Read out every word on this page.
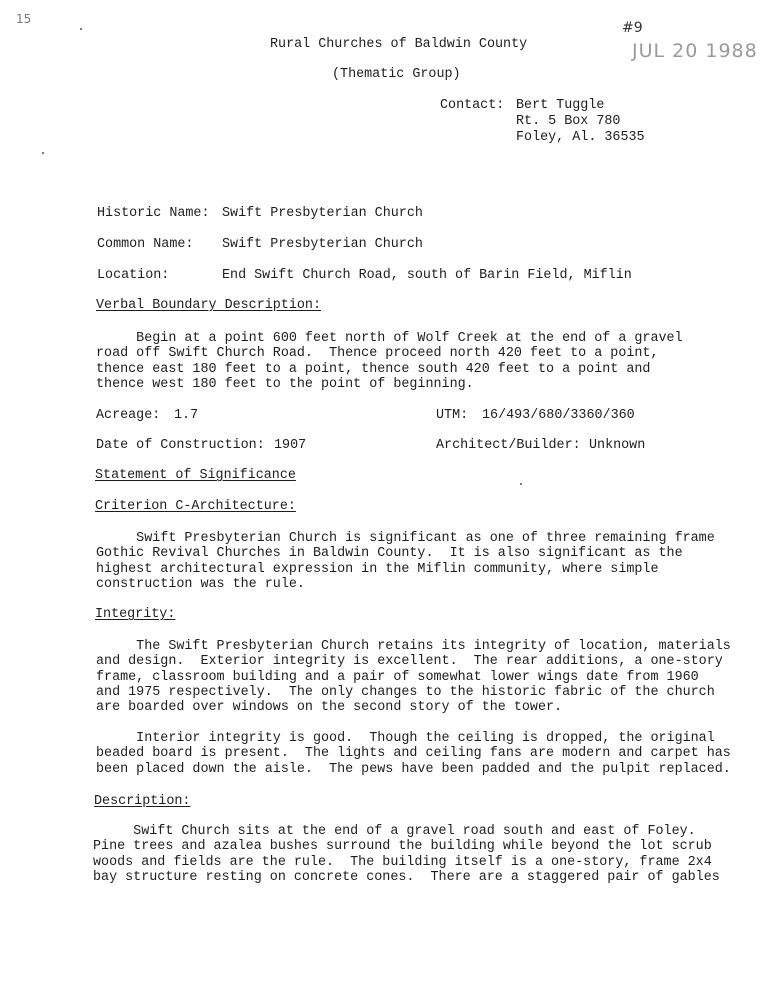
15
#9
JUL 20 1988
Rural Churches of Baldwin County
(Thematic Group)
Contact: Bert Tuggle
Rt. 5 Box 780
Foley, Al. 36535
Historic Name: Swift Presbyterian Church
Common Name: Swift Presbyterian Church
Location:	End Swift Church Road, south of Barin Field, Miflin
Verbal Boundary Description:
Begin at a point 600 feet north of Wolf Creek at the end of a gravel
road off Swift Church Road.  Thence proceed north 420 feet to a point,
thence east 180 feet to a point, thence south 420 feet to a point and
thence west 180 feet to the point of beginning.
Acreage: 1.7	UTM: 16/493/680/3360/360
Date of Construction: 1907	Architect/Builder: Unknown
Statement of Significance
Criterion C-Architecture:
Swift Presbyterian Church is significant as one of three remaining frame
Gothic Revival Churches in Baldwin County.  It is also significant as the
highest architectural expression in the Miflin community, where simple
construction was the rule.
Integrity:
The Swift Presbyterian Church retains its integrity of location, materials
and design.  Exterior integrity is excellent.  The rear additions, a one-story
frame, classroom building and a pair of somewhat lower wings date from 1960
and 1975 respectively.  The only changes to the historic fabric of the church
are boarded over windows on the second story of the tower.
Interior integrity is good.  Though the ceiling is dropped, the original
beaded board is present.  The lights and ceiling fans are modern and carpet has
been placed down the aisle.  The pews have been padded and the pulpit replaced.
Description:
Swift Church sits at the end of a gravel road south and east of Foley.
Pine trees and azalea bushes surround the building while beyond the lot scrub
woods and fields are the rule.  The building itself is a one-story, frame 2x4
bay structure resting on concrete cones.  There are a staggered pair of gables
